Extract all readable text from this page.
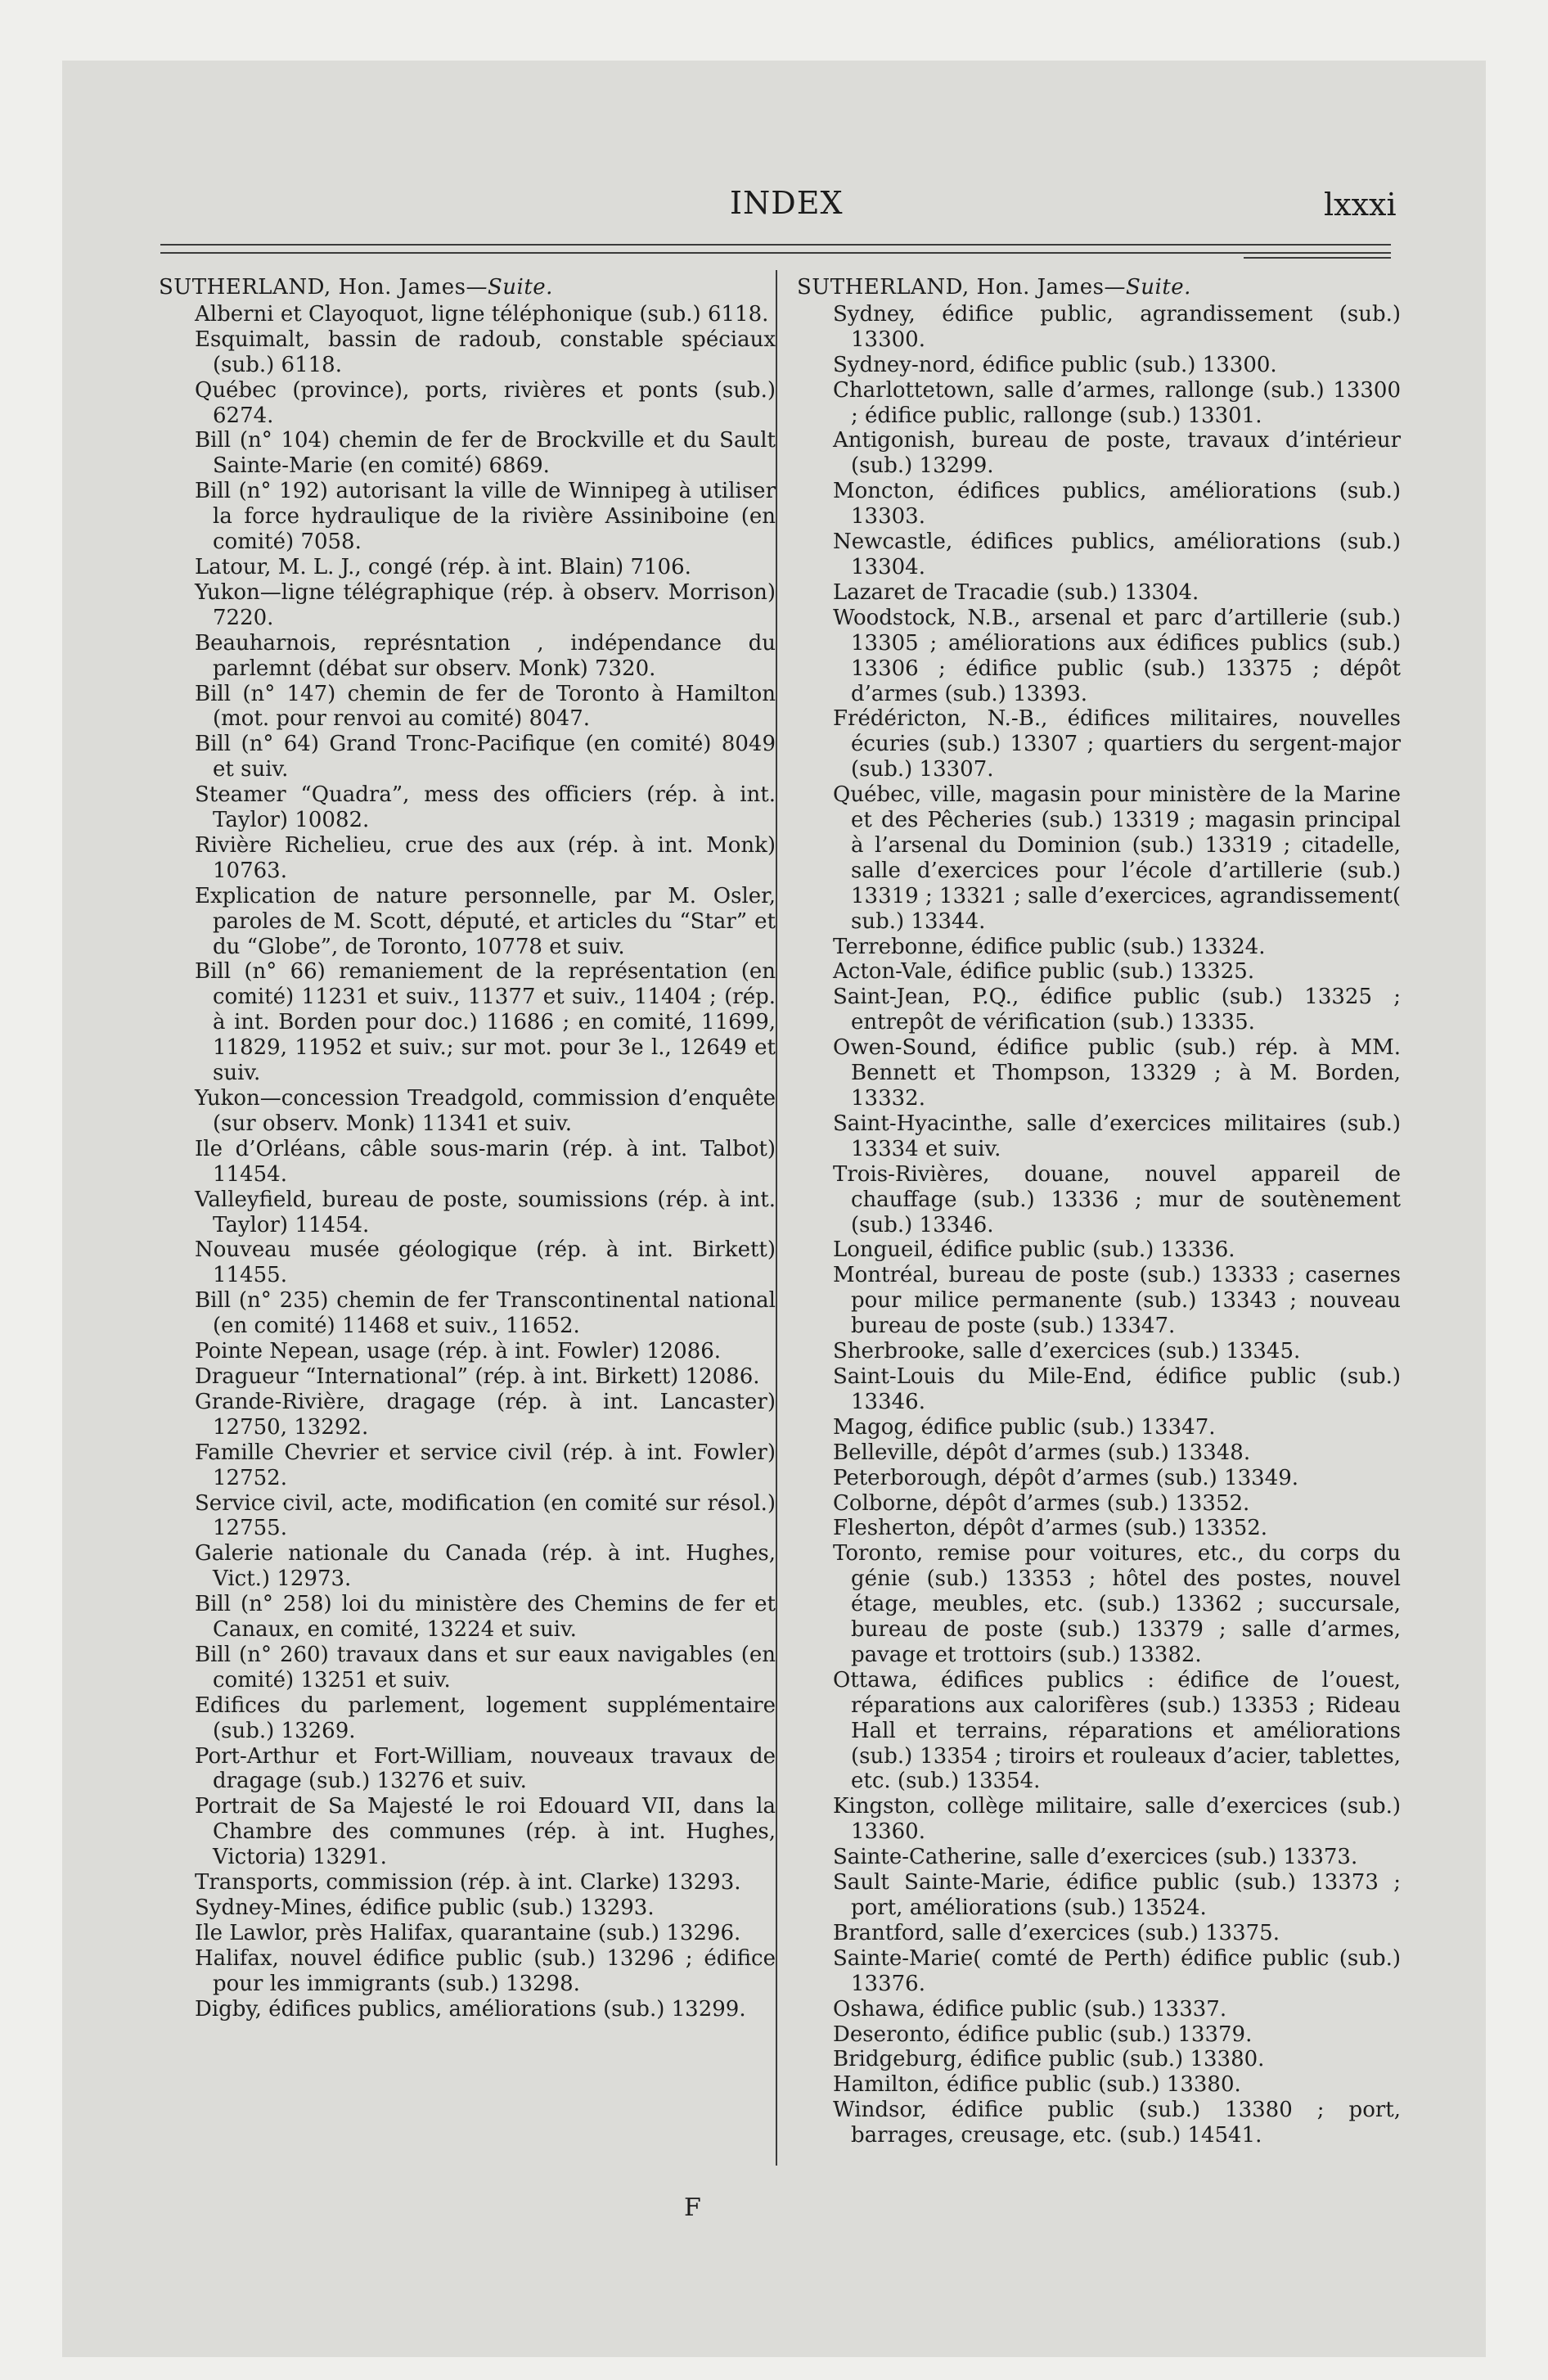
INDEX	lxxxi
SUTHERLAND, Hon. James—Suite.
Alberni et Clayoquot, ligne téléphonique (sub.) 6118.
Esquimalt, bassin de radoub, constable spéciaux (sub.) 6118.
Québec (province), ports, rivières et ponts (sub.) 6274.
Bill (n° 104) chemin de fer de Brockville et du Sault Sainte-Marie (en comité) 6869.
Bill (n° 192) autorisant la ville de Winnipeg à utiliser la force hydraulique de la rivière Assiniboine (en comité) 7058.
Latour, M. L. J., congé (rép. à int. Blain) 7106.
Yukon—ligne télégraphique (rép. à observ. Morrison) 7220.
Beauharnois, représntation , indépendance du parlemnt (débat sur observ. Monk) 7320.
Bill (n° 147) chemin de fer de Toronto à Hamilton (mot. pour renvoi au comité) 8047.
Bill (n° 64) Grand Tronc-Pacifique (en comité) 8049 et suiv.
Steamer “Quadra”, mess des officiers (rép. à int. Taylor) 10082.
Rivière Richelieu, crue des aux (rép. à int. Monk) 10763.
Explication de nature personnelle, par M. Osler, paroles de M. Scott, député, et articles du “Star” et du “Globe”, de Toronto, 10778 et suiv.
Bill (n° 66) remaniement de la représentation (en comité) 11231 et suiv., 11377 et suiv., 11404 ; (rép. à int. Borden pour doc.) 11686 ; en comité, 11699, 11829, 11952 et suiv.; sur mot. pour 3e l., 12649 et suiv.
Yukon—concession Treadgold, commission d’enquête (sur observ. Monk) 11341 et suiv.
Ile d’Orléans, câble sous-marin (rép. à int. Talbot) 11454.
Valleyfield, bureau de poste, soumissions (rép. à int. Taylor) 11454.
Nouveau musée géologique (rép. à int. Birkett) 11455.
Bill (n° 235) chemin de fer Transcontinental national (en comité) 11468 et suiv., 11652.
Pointe Nepean, usage (rép. à int. Fowler) 12086.
Dragueur “International” (rép. à int. Birkett) 12086.
Grande-Rivière, dragage (rép. à int. Lancaster) 12750, 13292.
Famille Chevrier et service civil (rép. à int. Fowler) 12752.
Service civil, acte, modification (en comité sur résol.) 12755.
Galerie nationale du Canada (rép. à int. Hughes, Vict.) 12973.
Bill (n° 258) loi du ministère des Chemins de fer et Canaux, en comité, 13224 et suiv.
Bill (n° 260) travaux dans et sur eaux navigables (en comité) 13251 et suiv.
Edifices du parlement, logement supplémentaire (sub.) 13269.
Port-Arthur et Fort-William, nouveaux travaux de dragage (sub.) 13276 et suiv.
Portrait de Sa Majesté le roi Edouard VII, dans la Chambre des communes (rép. à int. Hughes, Victoria) 13291.
Transports, commission (rép. à int. Clarke) 13293.
Sydney-Mines, édifice public (sub.) 13293.
Ile Lawlor, près Halifax, quarantaine (sub.) 13296.
Halifax, nouvel édifice public (sub.) 13296 ; édifice pour les immigrants (sub.) 13298.
Digby, édifices publics, améliorations (sub.) 13299.
SUTHERLAND, Hon. James—Suite.
Sydney, édifice public, agrandissement (sub.) 13300.
Sydney-nord, édifice public (sub.) 13300.
Charlottetown, salle d’armes, rallonge (sub.) 13300 ; édifice public, rallonge (sub.) 13301.
Antigonish, bureau de poste, travaux d’intérieur (sub.) 13299.
Moncton, édifices publics, améliorations (sub.) 13303.
Newcastle, édifices publics, améliorations (sub.) 13304.
Lazaret de Tracadie (sub.) 13304.
Woodstock, N.B., arsenal et parc d’artillerie (sub.) 13305 ; améliorations aux édifices publics (sub.) 13306 ; édifice public (sub.) 13375 ; dépôt d’armes (sub.) 13393.
Frédéricton, N.-B., édifices militaires, nouvelles écuries (sub.) 13307 ; quartiers du sergent-major (sub.) 13307.
Québec, ville, magasin pour ministère de la Marine et des Pêcheries (sub.) 13319 ; magasin principal à l’arsenal du Dominion (sub.) 13319 ; citadelle, salle d’exercices pour l’école d’artillerie (sub.) 13319 ; 13321 ; salle d’exercices, agrandissement( sub.) 13344.
Terrebonne, édifice public (sub.) 13324.
Acton-Vale, édifice public (sub.) 13325.
Saint-Jean, P.Q., édifice public (sub.) 13325 ; entrepôt de vérification (sub.) 13335.
Owen-Sound, édifice public (sub.) rép. à MM. Bennett et Thompson, 13329 ; à M. Borden, 13332.
Saint-Hyacinthe, salle d’exercices militaires (sub.) 13334 et suiv.
Trois-Rivières, douane, nouvel appareil de chauffage (sub.) 13336 ; mur de soutènement (sub.) 13346.
Longueil, édifice public (sub.) 13336.
Montréal, bureau de poste (sub.) 13333 ; casernes pour milice permanente (sub.) 13343 ; nouveau bureau de poste (sub.) 13347.
Sherbrooke, salle d’exercices (sub.) 13345.
Saint-Louis du Mile-End, édifice public (sub.) 13346.
Magog, édifice public (sub.) 13347.
Belleville, dépôt d’armes (sub.) 13348.
Peterborough, dépôt d’armes (sub.) 13349.
Colborne, dépôt d’armes (sub.) 13352.
Flesherton, dépôt d’armes (sub.) 13352.
Toronto, remise pour voitures, etc., du corps du génie (sub.) 13353 ; hôtel des postes, nouvel étage, meubles, etc. (sub.) 13362 ; succursale, bureau de poste (sub.) 13379 ; salle d’armes, pavage et trottoirs (sub.) 13382.
Ottawa, édifices publics : édifice de l’ouest, réparations aux calorifères (sub.) 13353 ; Rideau Hall et terrains, réparations et améliorations (sub.) 13354 ; tiroirs et rouleaux d’acier, tablettes, etc. (sub.) 13354.
Kingston, collège militaire, salle d’exercices (sub.) 13360.
Sainte-Catherine, salle d’exercices (sub.) 13373.
Sault Sainte-Marie, édifice public (sub.) 13373 ; port, améliorations (sub.) 13524.
Brantford, salle d’exercices (sub.) 13375.
Sainte-Marie( comté de Perth) édifice public (sub.) 13376.
Oshawa, édifice public (sub.) 13337.
Deseronto, édifice public (sub.) 13379.
Bridgeburg, édifice public (sub.) 13380.
Hamilton, édifice public (sub.) 13380.
Windsor, édifice public (sub.) 13380 ; port, barrages, creusage, etc. (sub.) 14541.
F
